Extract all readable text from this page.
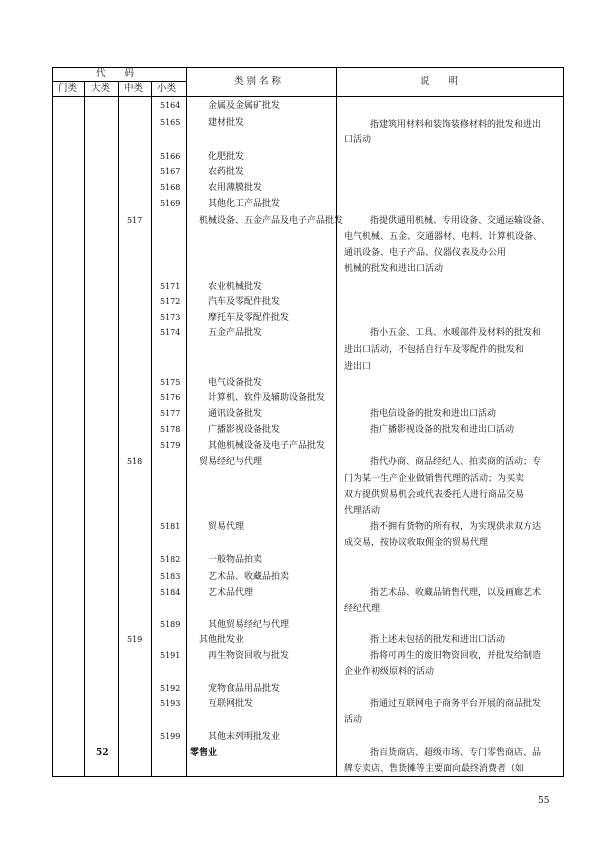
代　　码
门类 大类 中类 小类
类 别 名 称	说　　明
5164	金属及金属矿批发
5165	建材批发	指建筑用材料和装饰装修材料的批发和进出
口活动
5166	化肥批发
5167	农药批发
5168	农用薄膜批发
5169	其他化工产品批发
517	机械设备、五金产品及电子产品批发	指提供通用机械、专用设备、交通运输设备、
电气机械、五金、交通器材、电料、计算机设备、
通讯设备、电子产品、仪器仪表及办公用
机械的批发和进出口活动
5171	农业机械批发
5172	汽车及零配件批发
5173	摩托车及零配件批发
5174	五金产品批发	指小五金、工具、水暖部件及材料的批发和
进出口活动，不包括自行车及零配件的批发和
进出口
5175	电气设备批发
5176	计算机、软件及辅助设备批发
5177	通讯设备批发	指电信设备的批发和进出口活动
5178	广播影视设备批发	指广播影视设备的批发和进出口活动
5179	其他机械设备及电子产品批发
518	贸易经纪与代理	指代办商、商品经纪人、拍卖商的活动；专
门为某一生产企业做销售代理的活动；为买卖
双方提供贸易机会或代表委托人进行商品交易
代理活动
5181	贸易代理	指不拥有货物的所有权，为实现供求双方达
成交易，按协议收取佣金的贸易代理
5182	一般物品拍卖
5183	艺术品、收藏品拍卖
5184	艺术品代理	指艺术品、收藏品销售代理，以及画廊艺术
经纪代理
5189	其他贸易经纪与代理
519	其他批发业	指上述未包括的批发和进出口活动
5191	再生物资回收与批发	指将可再生的废旧物资回收，并批发给制造
企业作初级原料的活动
5192	宠物食品用品批发
5193	互联网批发	指通过互联网电子商务平台开展的商品批发
活动
5199	其他未列明批发业
52	零售业	指百货商店、超级市场、专门零售商店、品
牌专卖店、售货摊等主要面向最终消费者（如
55
